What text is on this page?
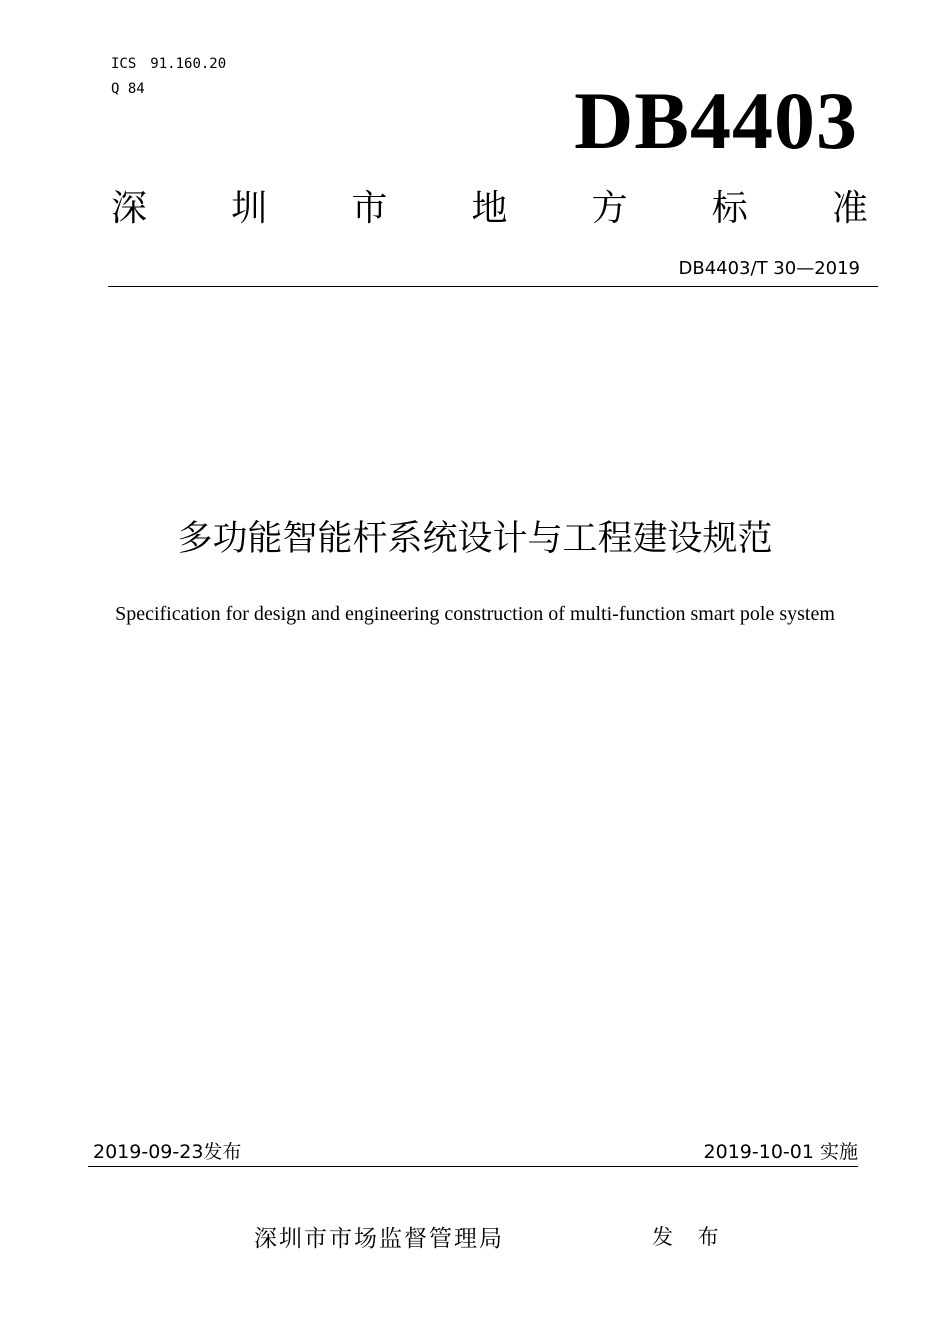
ICS 91.160.20
Q 84	DB4403
深 圳 市 地 方 标 准
DB4403/T 30—2019
多功能智能杆系统设计与工程建设规范
Specification for design and engineering construction of multi-function smart pole system
2019-09-23发布	2019-10-01 实施
深圳市市场监督管理局	发 布
